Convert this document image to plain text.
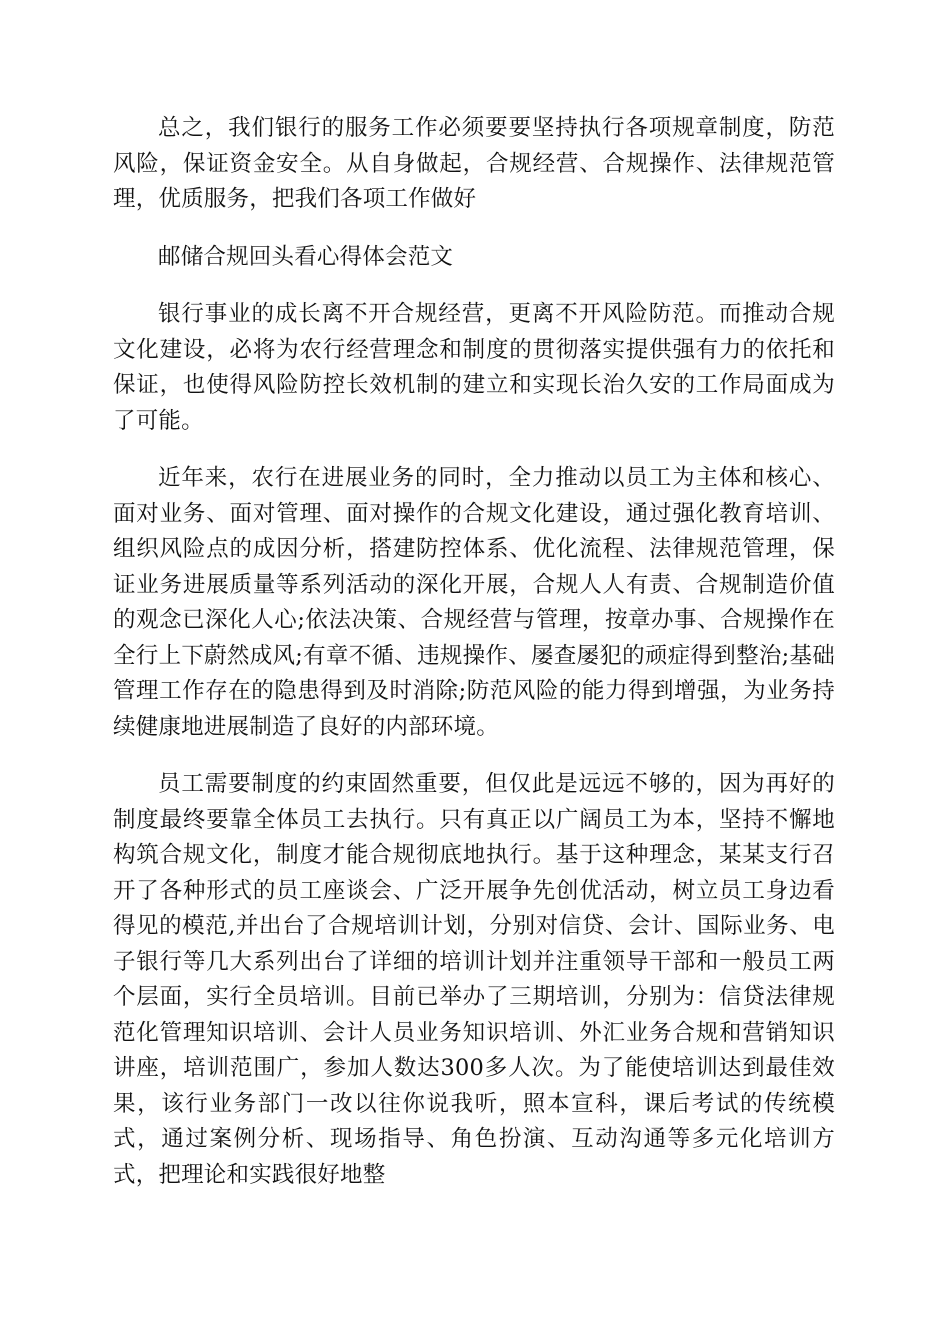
总之，我们银行的服务工作必须要要坚持执行各项规章制度，防范风险，保证资金安全。从自身做起，合规经营、合规操作、法律规范管理，优质服务，把我们各项工作做好

邮储合规回头看心得体会范文

银行事业的成长离不开合规经营，更离不开风险防范。而推动合规文化建设，必将为农行经营理念和制度的贯彻落实提供强有力的依托和保证，也使得风险防控长效机制的建立和实现长治久安的工作局面成为了可能。

近年来，农行在进展业务的同时，全力推动以员工为主体和核心、面对业务、面对管理、面对操作的合规文化建设，通过强化教育培训、组织风险点的成因分析，搭建防控体系、优化流程、法律规范管理，保证业务进展质量等系列活动的深化开展，合规人人有责、合规制造价值的观念已深化人心;依法决策、合规经营与管理，按章办事、合规操作在全行上下蔚然成风;有章不循、违规操作、屡查屡犯的顽症得到整治;基础管理工作存在的隐患得到及时消除;防范风险的能力得到增强，为业务持续健康地进展制造了良好的内部环境。

员工需要制度的约束固然重要，但仅此是远远不够的，因为再好的制度最终要靠全体员工去执行。只有真正以广阔员工为本，坚持不懈地构筑合规文化，制度才能合规彻底地执行。基于这种理念，某某支行召开了各种形式的员工座谈会、广泛开展争先创优活动，树立员工身边看得见的模范,并出台了合规培训计划，分别对信贷、会计、国际业务、电子银行等几大系列出台了详细的培训计划并注重领导干部和一般员工两个层面，实行全员培训。目前已举办了三期培训，分别为：信贷法律规范化管理知识培训、会计人员业务知识培训、外汇业务合规和营销知识讲座，培训范围广，参加人数达300多人次。为了能使培训达到最佳效果，该行业务部门一改以往你说我听，照本宣科，课后考试的传统模式，通过案例分析、现场指导、角色扮演、互动沟通等多元化培训方式，把理论和实践很好地整
